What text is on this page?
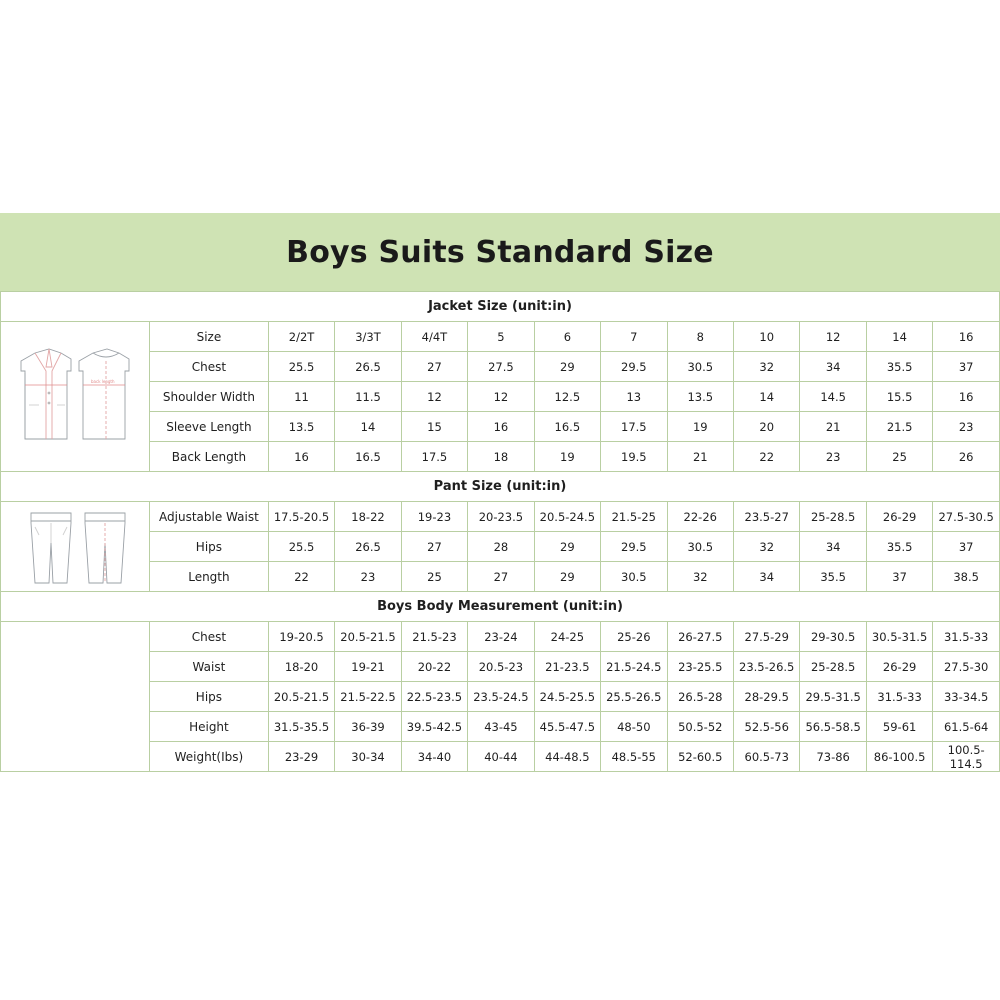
Boys Suits Standard Size
Jacket Size (unit:in)												

back length	Size	2/2T	3/3T	4/4T	5	6	7	8	10	12	14	16
	Chest	25.5	26.5	27	27.5	29	29.5	30.5	32	34	35.5	37
	Shoulder Width	11	11.5	12	12	12.5	13	13.5	14	14.5	15.5	16
	Sleeve Length	13.5	14	15	16	16.5	17.5	19	20	21	21.5	23
	Back Length	16	16.5	17.5	18	19	19.5	21	22	23	25	26
Pant Size (unit:in)												

	Adjustable Waist	17.5-20.5	18-22	19-23	20-23.5	20.5-24.5	21.5-25	22-26	23.5-27	25-28.5	26-29	27.5-30.5
	Hips	25.5	26.5	27	28	29	29.5	30.5	32	34	35.5	37
	Length	22	23	25	27	29	30.5	32	34	35.5	37	38.5
Boys Body Measurement (unit:in)												
	Chest	19-20.5	20.5-21.5	21.5-23	23-24	24-25	25-26	26-27.5	27.5-29	29-30.5	30.5-31.5	31.5-33
	Waist	18-20	19-21	20-22	20.5-23	21-23.5	21.5-24.5	23-25.5	23.5-26.5	25-28.5	26-29	27.5-30
	Hips	20.5-21.5	21.5-22.5	22.5-23.5	23.5-24.5	24.5-25.5	25.5-26.5	26.5-28	28-29.5	29.5-31.5	31.5-33	33-34.5
	Height	31.5-35.5	36-39	39.5-42.5	43-45	45.5-47.5	48-50	50.5-52	52.5-56	56.5-58.5	59-61	61.5-64
	Weight(Ibs)	23-29	30-34	34-40	40-44	44-48.5	48.5-55	52-60.5	60.5-73	73-86	86-100.5	100.5-114.5
